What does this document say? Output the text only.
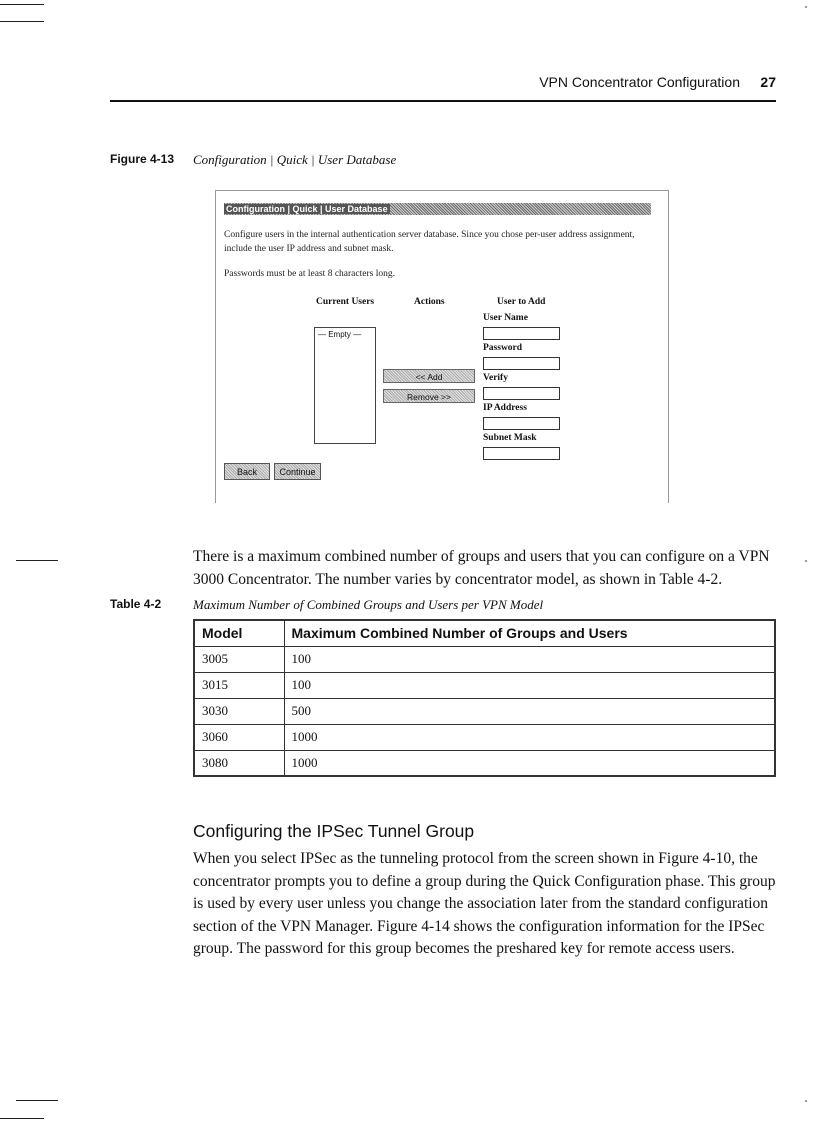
VPN Concentrator Configuration 27
Figure 4-13 Configuration | Quick | User Database
Configuration | Quick | User Database
Configure users in the internal authentication server database. Since you chose per-user address assignment,
include the user IP address and subnet mask.
Passwords must be at least 8 characters long.
Current Users	Actions	User to Add
— Empty —
<< Add
Remove >>
User Name
Password
Verify
IP Address
Subnet Mask
Back	Continue

There is a maximum combined number of groups and users that you can configure on a VPN

3000 Concentrator. The number varies by concentrator model, as shown in Table 4-2.

Table 4-2 Maximum Number of Combined Groups and Users per VPN Model
Model	Maximum Combined Number of Groups and Users
3005	100
3015	100
3030	500
3060	1000
3080	1000
Configuring the IPSec Tunnel Group

When you select IPSec as the tunneling protocol from the screen shown in Figure 4-10, the

concentrator prompts you to define a group during the Quick Configuration phase. This group

is used by every user unless you change the association later from the standard configuration

section of the VPN Manager. Figure 4-14 shows the configuration information for the IPSec

group. The password for this group becomes the preshared key for remote access users.
